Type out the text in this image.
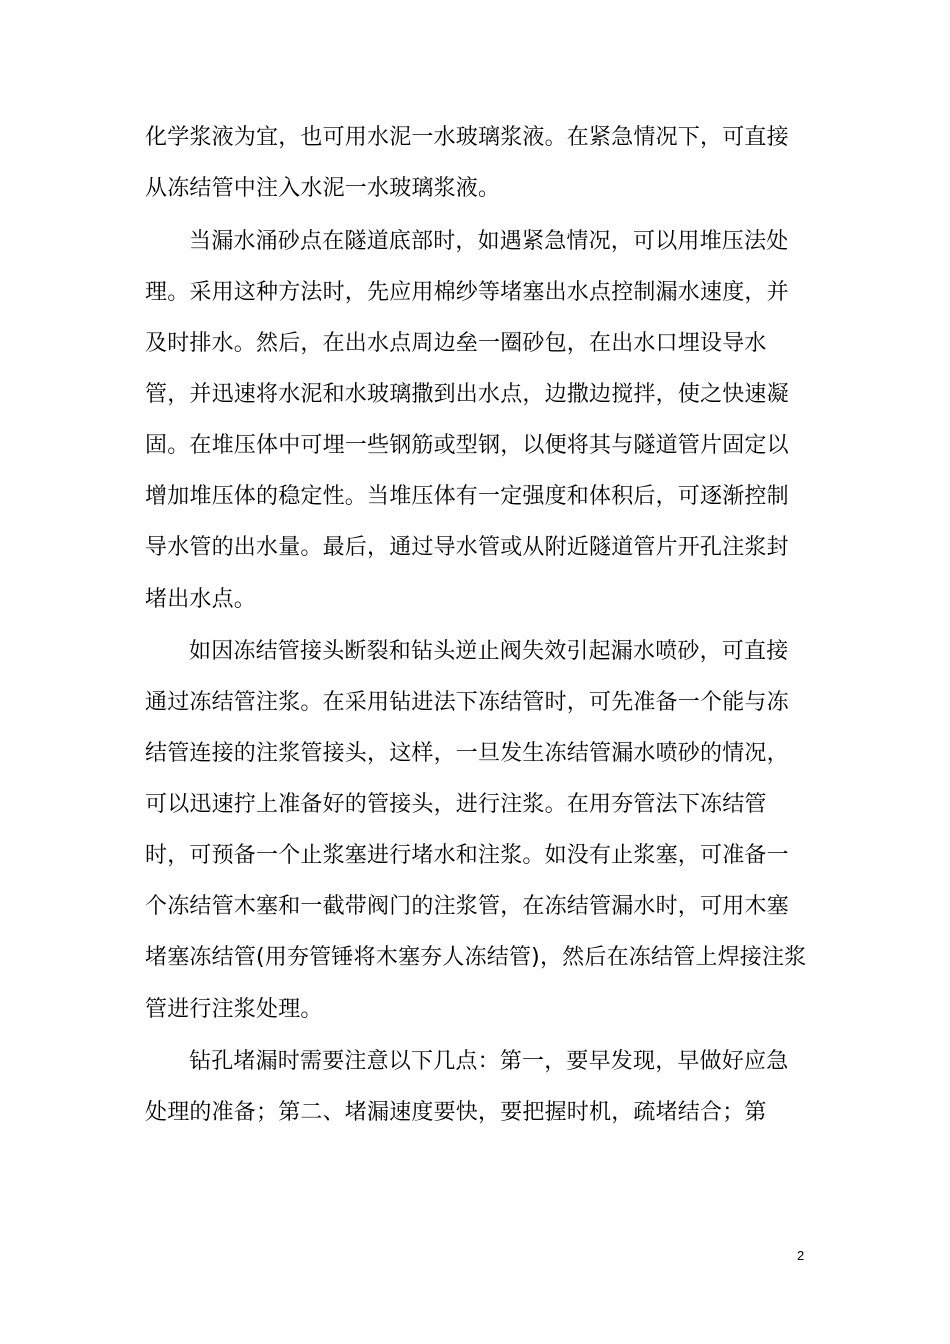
化学浆液为宜，也可用水泥一水玻璃浆液。在紧急情况下，可直接
从冻结管中注入水泥一水玻璃浆液。
当漏水涌砂点在隧道底部时，如遇紧急情况，可以用堆压法处
理。采用这种方法时，先应用棉纱等堵塞出水点控制漏水速度，并
及时排水。然后，在出水点周边垒一圈砂包，在出水口埋设导水
管，并迅速将水泥和水玻璃撒到出水点，边撒边搅拌，使之快速凝
固。在堆压体中可埋一些钢筋或型钢，以便将其与隧道管片固定以
增加堆压体的稳定性。当堆压体有一定强度和体积后，可逐渐控制
导水管的出水量。最后，通过导水管或从附近隧道管片开孔注浆封
堵出水点。
如因冻结管接头断裂和钻头逆止阀失效引起漏水喷砂，可直接
通过冻结管注浆。在采用钻进法下冻结管时，可先准备一个能与冻
结管连接的注浆管接头，这样，一旦发生冻结管漏水喷砂的情况，
可以迅速拧上准备好的管接头，进行注浆。在用夯管法下冻结管
时，可预备一个止浆塞进行堵水和注浆。如没有止浆塞，可准备一
个冻结管木塞和一截带阀门的注浆管，在冻结管漏水时，可用木塞
堵塞冻结管(用夯管锤将木塞夯人冻结管)，然后在冻结管上焊接注浆
管进行注浆处理。
钻孔堵漏时需要注意以下几点：第一，要早发现，早做好应急
处理的准备；第二、堵漏速度要快，要把握时机，疏堵结合；第
2
